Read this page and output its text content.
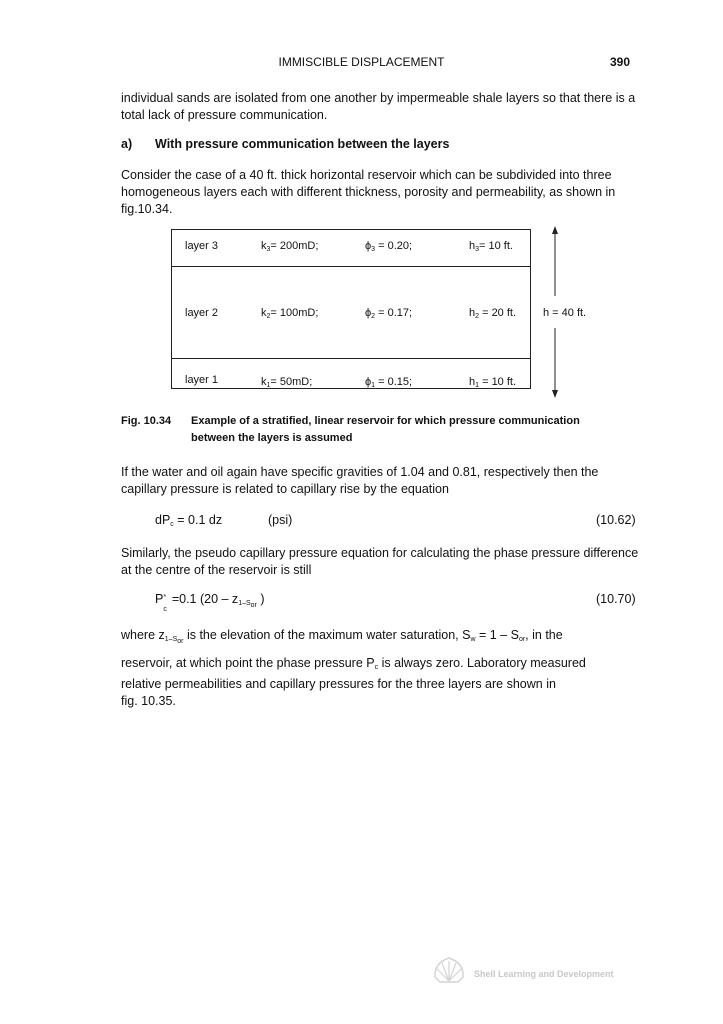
IMMISCIBLE DISPLACEMENT	390
individual sands are isolated from one another by impermeable shale layers so that there is a total lack of pressure communication.
a) With pressure communication between the layers
Consider the case of a 40 ft. thick horizontal reservoir which can be subdivided into three homogeneous layers each with different thickness, porosity and permeability, as shown in fig.10.34.
layer 3	$k_3= 200mD$;	$\phi_3 = 0.20$;	$h_3= 10$ ft.
layer 2	$k_2= 100mD$;	$\phi_2 = 0.17$;	$h_2 = 20$ ft.
layer 1	$k_1= 50mD$;	$\phi_1 = 0.15$;	$h_1 = 10$ ft.
h = 40 ft.
Fig. 10.34 Example of a stratified, linear reservoir for which pressure communication
between the layers is assumed
If the water and oil again have specific gravities of 1.04 and 0.81, respectively then the capillary pressure is related to capillary rise by the equation
$dP_c = 0.1$ dz	(psi)	(10.62)
Similarly, the pseudo capillary pressure equation for calculating the phase pressure difference at the centre of the reservoir is still
P *
c
=0.1 ($20 - z_{1-S_{or}}$ )	(10.70)
where $z_{1-S_{or}}$ is the elevation of the maximum water saturation, $S_w = 1 - S_{or}$, in the
reservoir, at which point the phase pressure $P_c$ is always zero. Laboratory measured
relative permeabilities and capillary pressures for the three layers are shown in
fig. 10.35.
Shell Learning and Development
